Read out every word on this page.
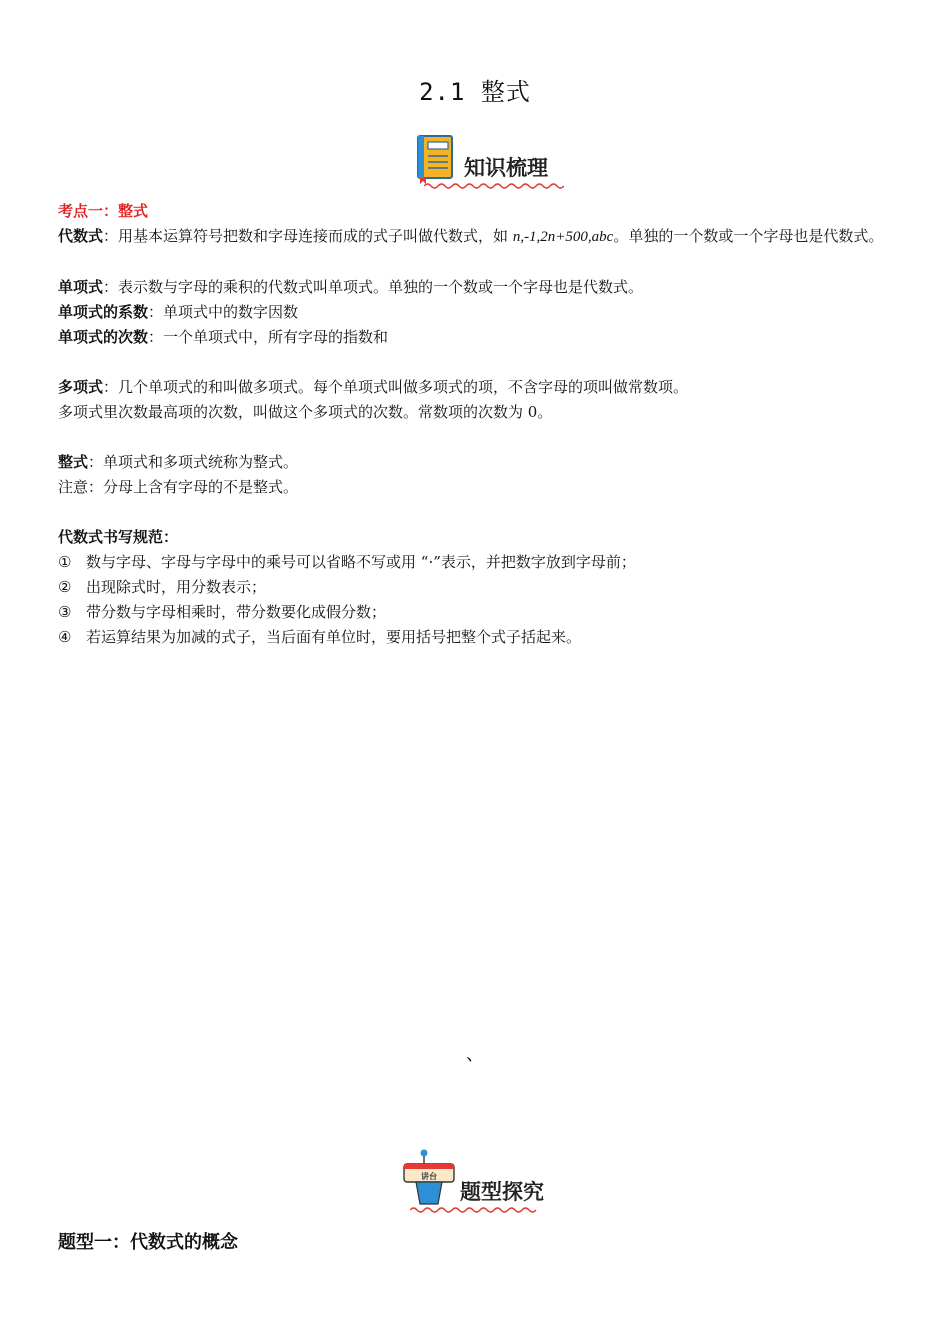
2.1 整式
知识梳理
考点一：整式
代数式：用基本运算符号把数和字母连接而成的式子叫做代数式，如 n,-1,2n+500,abc。单独的一个数或一个字母也是代数式。
单项式：表示数与字母的乘积的代数式叫单项式。单独的一个数或一个字母也是代数式。
单项式的系数：单项式中的数字因数
单项式的次数：一个单项式中，所有字母的指数和
多项式：几个单项式的和叫做多项式。每个单项式叫做多项式的项，不含字母的项叫做常数项。
多项式里次数最高项的次数，叫做这个多项式的次数。常数项的次数为 0。
整式：单项式和多项式统称为整式。
注意：分母上含有字母的不是整式。
代数式书写规范：
① 数与字母、字母与字母中的乘号可以省略不写或用 “·”表示，并把数字放到字母前；
② 出现除式时，用分数表示；
③ 带分数与字母相乘时，带分数要化成假分数；
④ 若运算结果为加减的式子，当后面有单位时，要用括号把整个式子括起来。
、
讲台
题型探究
题型一：代数式的概念
